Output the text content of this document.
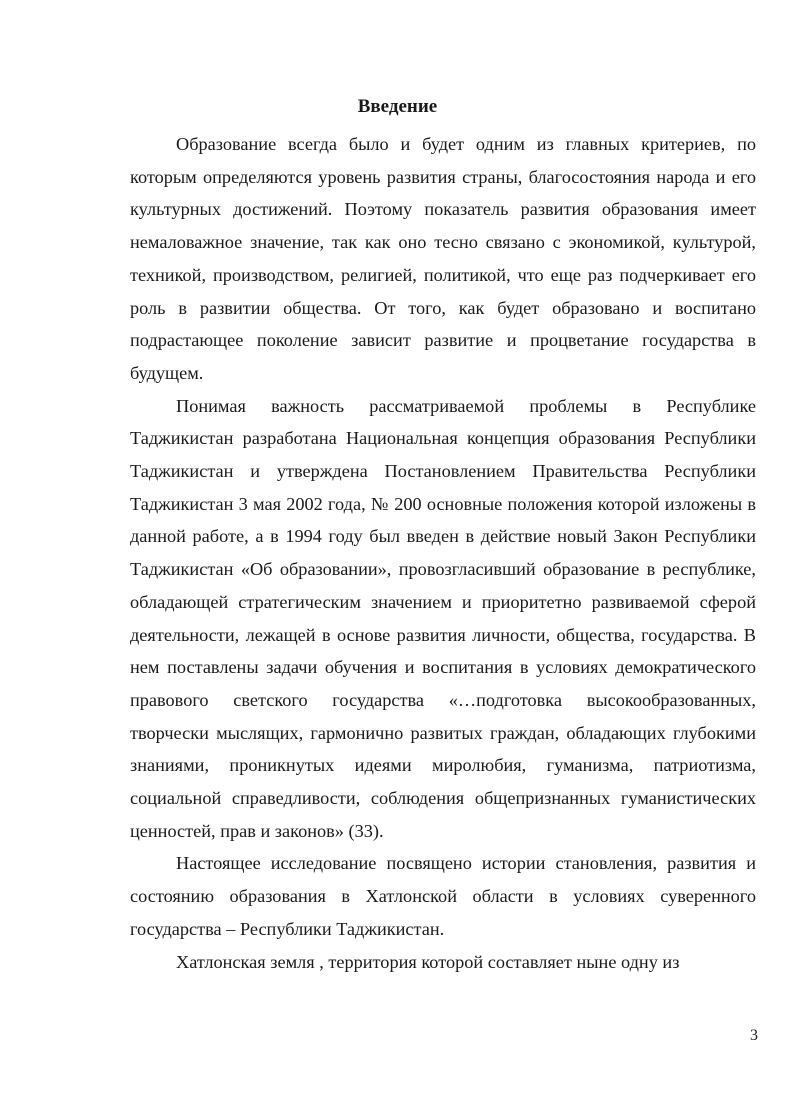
Введение

Образование всегда было и будет одним из главных критериев, по которым определяются уровень развития страны, благосостояния народа и его культурных достижений. Поэтому показатель развития образования имеет немаловажное значение, так как оно тесно связано с экономикой, культурой, техникой, производством, религией, политикой, что еще раз подчеркивает его роль в развитии общества. От того, как будет образовано и воспитано подрастающее поколение зависит развитие и процветание государства в будущем.

Понимая важность рассматриваемой проблемы в Республике Таджикистан разработана Национальная концепция образования Республики Таджикистан и утверждена Постановлением Правительства Республики Таджикистан 3 мая 2002 года, № 200 основные положения которой изложены в данной работе, а в 1994 году был введен в действие новый Закон Республики Таджикистан «Об образовании», провозгласивший образование в республике, обладающей стратегическим значением и приоритетно развиваемой сферой деятельности, лежащей в основе развития личности, общества, государства. В нем поставлены задачи обучения и воспитания в условиях демократического правового светского государства «…подготовка высокообразованных, творчески мыслящих, гармонично развитых граждан, обладающих глубокими знаниями, проникнутых идеями миролюбия, гуманизма, патриотизма, социальной справедливости, соблюдения общепризнанных гуманистических ценностей, прав и законов» (33).

Настоящее исследование посвящено истории становления, развития и состоянию образования в Хатлонской области в условиях суверенного государства – Республики Таджикистан.

Хатлонская земля , территория которой составляет ныне одну из

3
